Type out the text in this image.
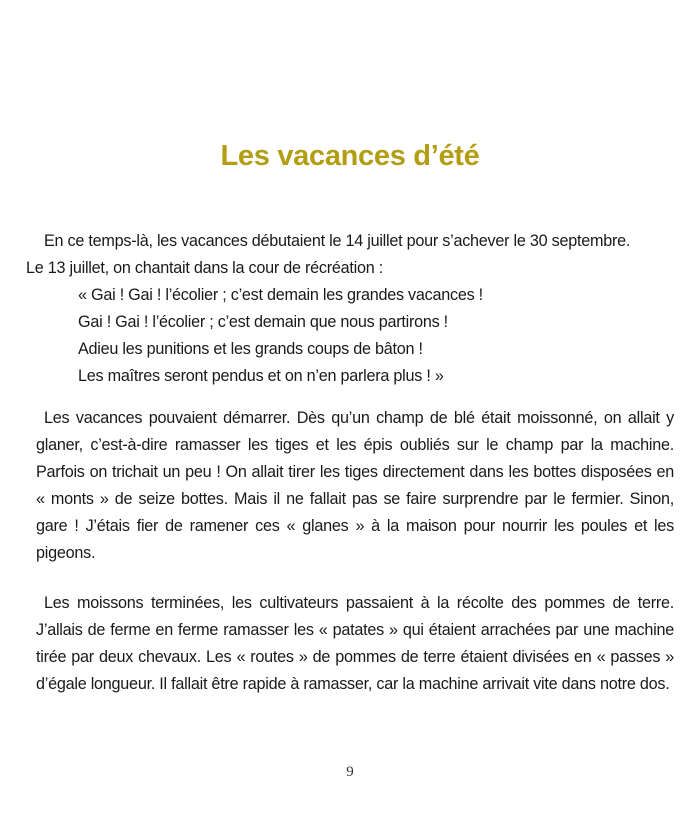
Les vacances d’été
En ce temps-là, les vacances débutaient le 14 juillet pour s’achever le 30 septembre.
Le 13 juillet, on chantait dans la cour de récréation :
« Gai ! Gai ! l’écolier ; c’est demain les grandes vacances !
Gai ! Gai ! l’écolier ; c’est demain que nous partirons !
Adieu les punitions et les grands coups de bâton !
Les maîtres seront pendus et on n’en parlera plus ! »

Les vacances pouvaient démarrer. Dès qu’un champ de blé était moissonné, on allait y glaner, c’est-à-dire ramasser les tiges et les épis oubliés sur le champ par la machine. Parfois on trichait un peu ! On allait tirer les tiges directement dans les bottes disposées en « monts » de seize bottes. Mais il ne fallait pas se faire surprendre par le fermier. Sinon, gare ! J’étais fier de ramener ces « glanes » à la maison pour nourrir les poules et les pigeons.

Les moissons terminées, les cultivateurs passaient à la récolte des pommes de terre. J’allais de ferme en ferme ramasser les « patates » qui étaient arrachées par une machine tirée par deux chevaux. Les « routes » de pommes de terre étaient divisées en « passes » d’égale longueur. Il fallait être rapide à ramasser, car la machine arrivait vite dans notre dos.

9
